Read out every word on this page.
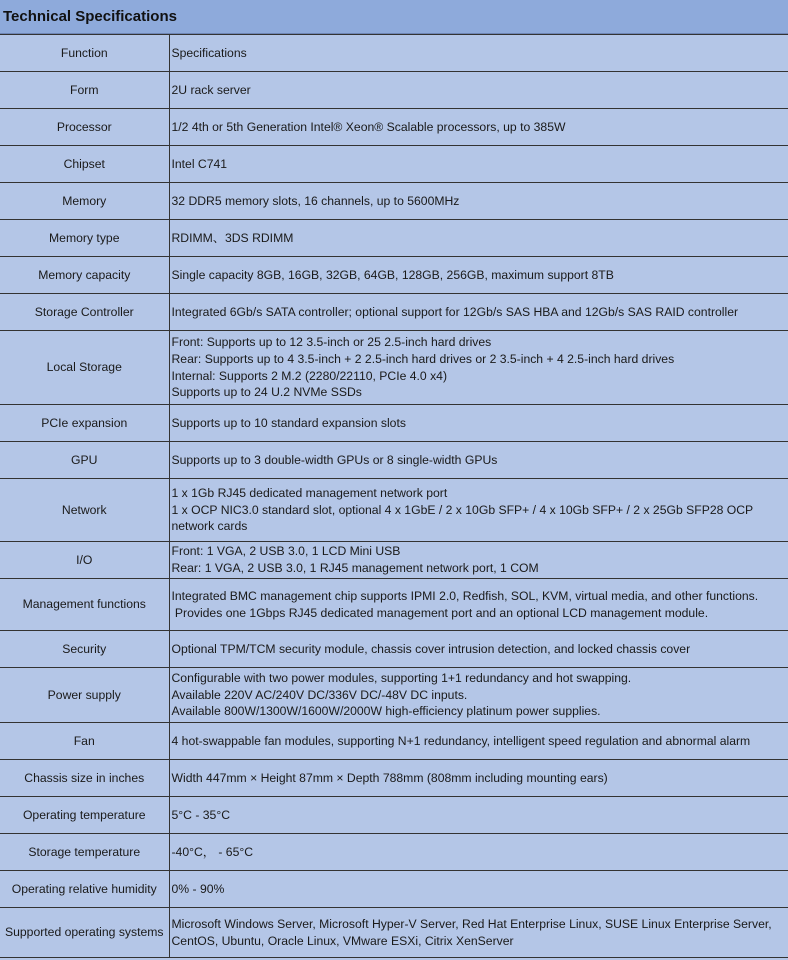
Technical Specifications
Function	Specifications

Form	2U rack server

Processor	1/2 4th or 5th Generation Intel® Xeon® Scalable processors, up to 385W

Chipset	Intel C741

Memory	32 DDR5 memory slots, 16 channels, up to 5600MHz

Memory type	RDIMM、3DS RDIMM

Memory capacity	Single capacity 8GB, 16GB, 32GB, 64GB, 128GB, 256GB, maximum support 8TB

Storage Controller	Integrated 6Gb/s SATA controller; optional support for 12Gb/s SAS HBA and 12Gb/s SAS RAID controller

Local Storage	Front: Supports up to 12 3.5-inch or 25 2.5-inch hard drives
Rear: Supports up to 4 3.5-inch + 2 2.5-inch hard drives or 2 3.5-inch + 4 2.5-inch hard drives
Internal: Supports 2 M.2 (2280/22110, PCIe 4.0 x4)
Supports up to 24 U.2 NVMe SSDs

PCIe expansion	Supports up to 10 standard expansion slots

GPU	Supports up to 3 double-width GPUs or 8 single-width GPUs

Network	1 x 1Gb RJ45 dedicated management network port
1 x OCP NIC3.0 standard slot, optional 4 x 1GbE / 2 x 10Gb SFP+ / 4 x 10Gb SFP+ / 2 x 25Gb SFP28 OCP
network cards

I/O	Front: 1 VGA, 2 USB 3.0, 1 LCD Mini USB
Rear: 1 VGA, 2 USB 3.0, 1 RJ45 management network port, 1 COM

Management functions	Integrated BMC management chip supports IPMI 2.0, Redfish, SOL, KVM, virtual media, and other functions.
Provides one 1Gbps RJ45 dedicated management port and an optional LCD management module.

Security	Optional TPM/TCM security module, chassis cover intrusion detection, and locked chassis cover

Power supply	Configurable with two power modules, supporting 1+1 redundancy and hot swapping.
Available 220V AC/240V DC/336V DC/-48V DC inputs.
Available 800W/1300W/1600W/2000W high-efficiency platinum power supplies.

Fan	4 hot-swappable fan modules, supporting N+1 redundancy, intelligent speed regulation and abnormal alarm

Chassis size in inches	Width 447mm × Height 87mm × Depth 788mm (808mm including mounting ears)

Operating temperature	5°C - 35°C

Storage temperature	-40°C， - 65°C

Operating relative humidity	0% - 90%

Supported operating systems	Microsoft Windows Server, Microsoft Hyper-V Server, Red Hat Enterprise Linux, SUSE Linux Enterprise Server,
CentOS, Ubuntu, Oracle Linux, VMware ESXi, Citrix XenServer
